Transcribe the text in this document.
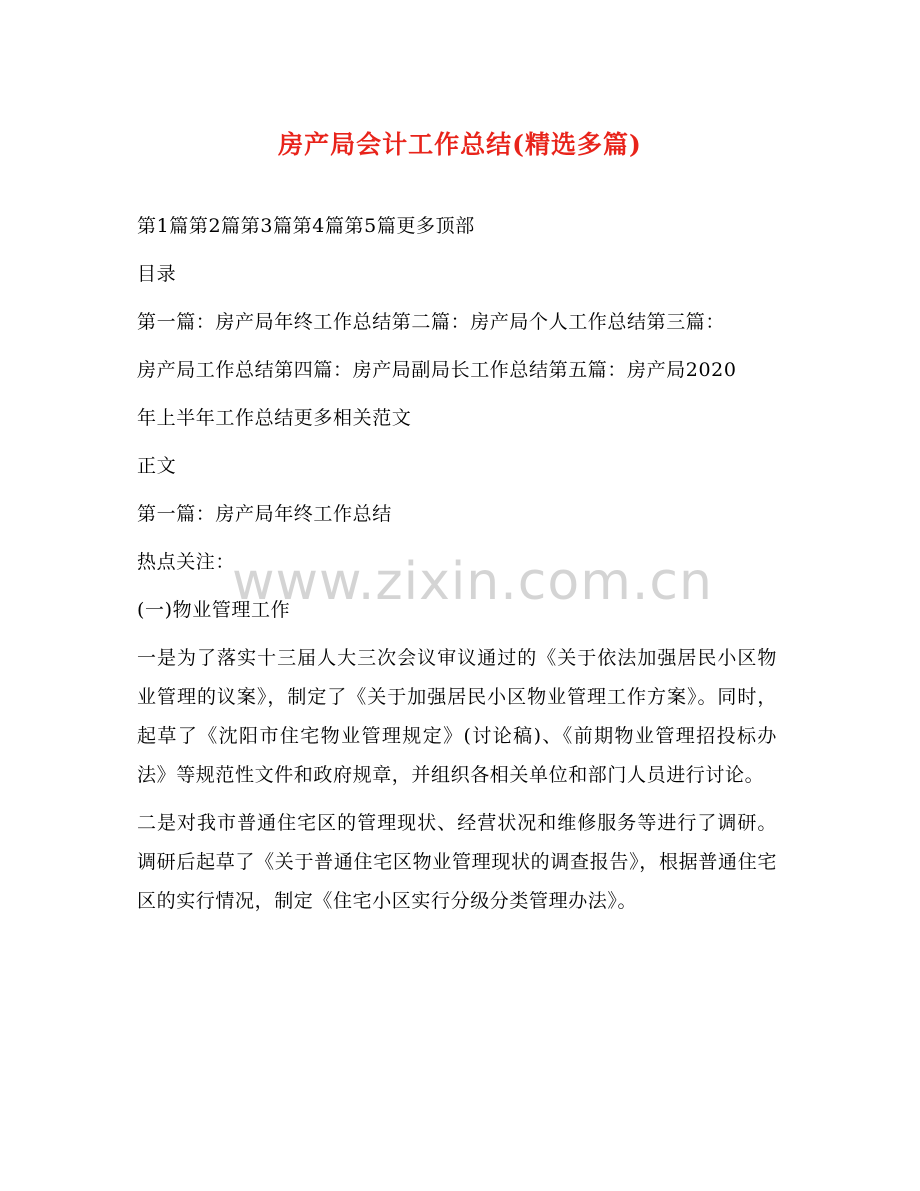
房产局会计工作总结(精选多篇)
第1篇第2篇第3篇第4篇第5篇更多顶部
目录
第一篇：房产局年终工作总结第二篇：房产局个人工作总结第三篇：
房产局工作总结第四篇：房产局副局长工作总结第五篇：房产局2020
年上半年工作总结更多相关范文
正文
第一篇：房产局年终工作总结
热点关注：
(一)物业管理工作
一是为了落实十三届人大三次会议审议通过的《关于依法加强居民小区物业管理的议案》，制定了《关于加强居民小区物业管理工作方案》。同时，起草了《沈阳市住宅物业管理规定》(讨论稿)、《前期物业管理招投标办法》等规范性文件和政府规章，并组织各相关单位和部门人员进行讨论。
二是对我市普通住宅区的管理现状、经营状况和维修服务等进行了调研。调研后起草了《关于普通住宅区物业管理现状的调查报告》，根据普通住宅区的实行情况，制定《住宅小区实行分级分类管理办法》。
www.zixin.com.cn
